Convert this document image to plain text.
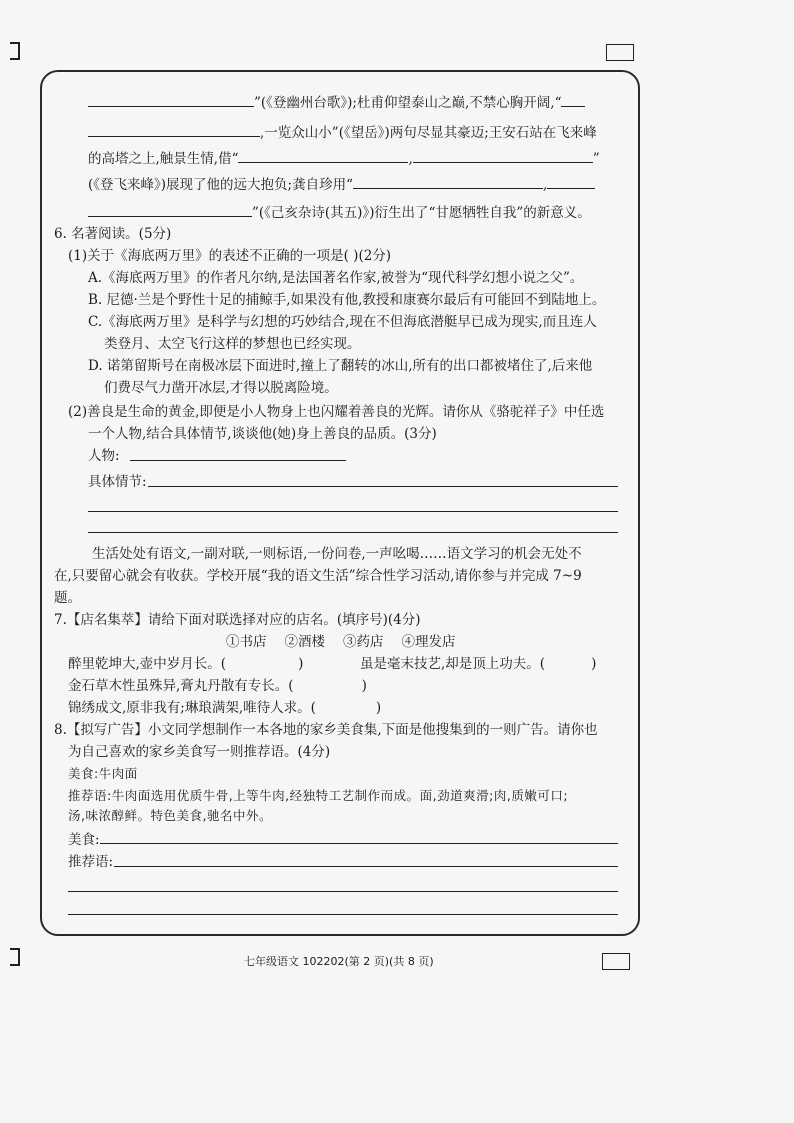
”(《登幽州台歌》);杜甫仰望泰山之巅,不禁心胸开阔,“
,一览众山小”(《望岳》)两句尽显其豪迈;王安石站在飞来峰
的高塔之上,触景生情,借“	,	”
(《登飞来峰》)展现了他的远大抱负;龚自珍用“	,
”(《己亥杂诗(其五)》)衍生出了“甘愿牺牲自我”的新意义。
6. 名著阅读。(5分)
(1)关于《海底两万里》的表述不正确的一项是( )(2分)
A.《海底两万里》的作者凡尔纳,是法国著名作家,被誉为“现代科学幻想小说之父”。
B. 尼德·兰是个野性十足的捕鲸手,如果没有他,教授和康赛尔最后有可能回不到陆地上。
C.《海底两万里》是科学与幻想的巧妙结合,现在不但海底潜艇早已成为现实,而且连人
类登月、太空飞行这样的梦想也已经实现。
D. 诺第留斯号在南极冰层下面进时,撞上了翻转的冰山,所有的出口都被堵住了,后来他
们费尽气力凿开冰层,才得以脱离险境。
(2)善良是生命的黄金,即便是小人物身上也闪耀着善良的光辉。请你从《骆驼祥子》中任选
一个人物,结合具体情节,谈谈他(她)身上善良的品质。(3分)
人物:
具体情节:
生活处处有语文,一副对联,一则标语,一份问卷,一声吆喝……语文学习的机会无处不
在,只要留心就会有收获。学校开展“我的语文生活”综合性学习活动,请你参与并完成 7~9
题。
7.【店名集萃】请给下面对联选择对应的店名。(填序号)(4分)
①书店 ②酒楼 ③药店 ④理发店
醉里乾坤大,壶中岁月长。(	)	虽是毫末技艺,却是顶上功夫。(	)
金石草木性虽殊异,膏丸丹散有专长。(	)
锦绣成文,原非我有;琳琅满架,唯待人求。(	)
8.【拟写广告】小文同学想制作一本各地的家乡美食集,下面是他搜集到的一则广告。请你也
为自己喜欢的家乡美食写一则推荐语。(4分)
美食:牛肉面
推荐语:牛肉面选用优质牛骨,上等牛肉,经独特工艺制作而成。面,劲道爽滑;肉,质嫩可口;
汤,味浓醇鲜。特色美食,驰名中外。
美食:
推荐语:
七年级语文 102202(第 2 页)(共 8 页)
